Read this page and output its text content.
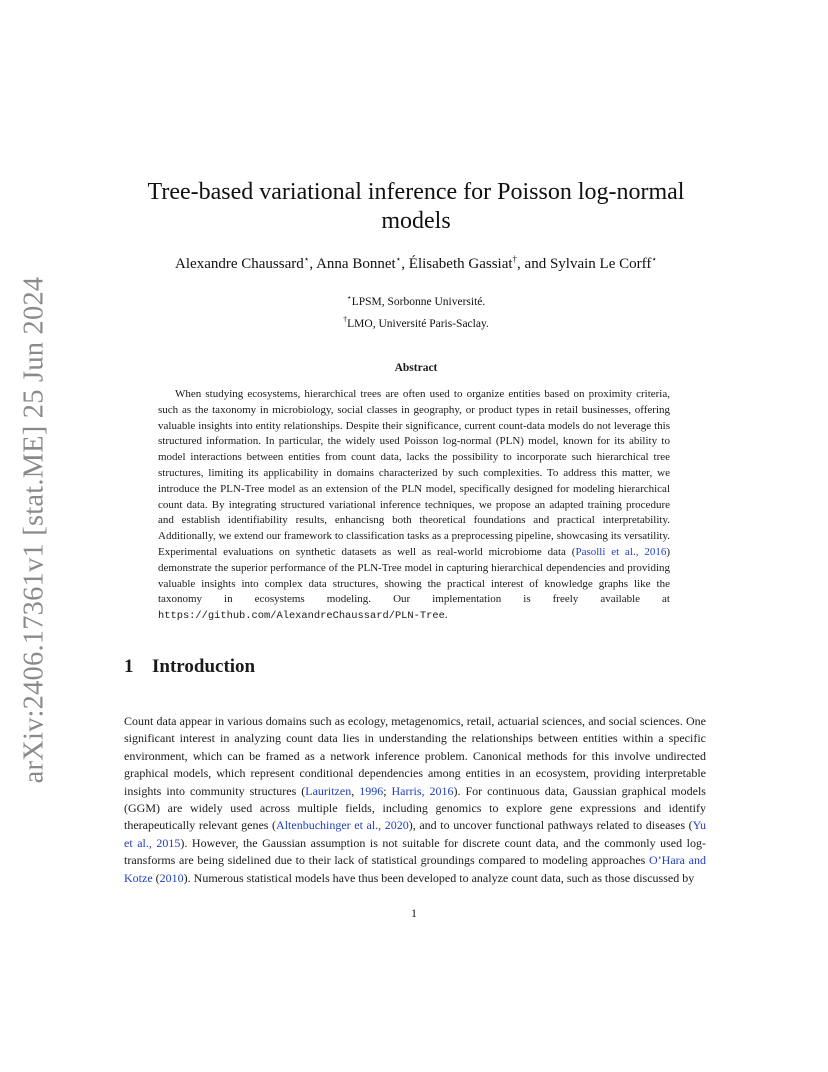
arXiv:2406.17361v1 [stat.ME] 25 Jun 2024
Tree-based variational inference for Poisson log-normal models
Alexandre Chaussard⋆, Anna Bonnet⋆, Élisabeth Gassiat†, and Sylvain Le Corff⋆
⋆LPSM, Sorbonne Université.
†LMO, Université Paris-Saclay.
Abstract

When studying ecosystems, hierarchical trees are often used to organize entities based on proximity criteria, such as the taxonomy in microbiology, social classes in geography, or product types in retail businesses, offering valuable insights into entity relationships. Despite their significance, current count-data models do not leverage this structured information. In particular, the widely used Poisson log-normal (PLN) model, known for its ability to model interactions between entities from count data, lacks the possibility to incorporate such hierarchical tree structures, limiting its applicability in domains characterized by such complexities. To address this matter, we introduce the PLN-Tree model as an extension of the PLN model, specifically designed for modeling hierarchical count data. By integrating structured variational inference techniques, we propose an adapted training procedure and establish identifiability results, enhancisng both theoretical foundations and practical interpretability. Additionally, we extend our framework to classification tasks as a preprocessing pipeline, showcasing its versatility. Experimental evaluations on synthetic datasets as well as real-world microbiome data (Pasolli et al., 2016) demonstrate the superior performance of the PLN-Tree model in capturing hierarchical dependencies and providing valuable insights into complex data structures, showing the practical interest of knowledge graphs like the taxonomy in ecosystems modeling. Our implementation is freely available at https://github.com/AlexandreChaussard/PLN-Tree.

1 Introduction

Count data appear in various domains such as ecology, metagenomics, retail, actuarial sciences, and social sciences. One significant interest in analyzing count data lies in understanding the relationships between entities within a specific environment, which can be framed as a network inference problem. Canonical methods for this involve undirected graphical models, which represent conditional dependencies among entities in an ecosystem, providing interpretable insights into community structures (Lauritzen, 1996; Harris, 2016). For continuous data, Gaussian graphical models (GGM) are widely used across multiple fields, including genomics to explore gene expressions and identify therapeutically relevant genes (Altenbuchinger et al., 2020), and to uncover functional pathways related to diseases (Yu et al., 2015). However, the Gaussian assumption is not suitable for discrete count data, and the commonly used log-transforms are being sidelined due to their lack of statistical groundings compared to modeling approaches O’Hara and Kotze (2010). Numerous statistical models have thus been developed to analyze count data, such as those discussed by

1
